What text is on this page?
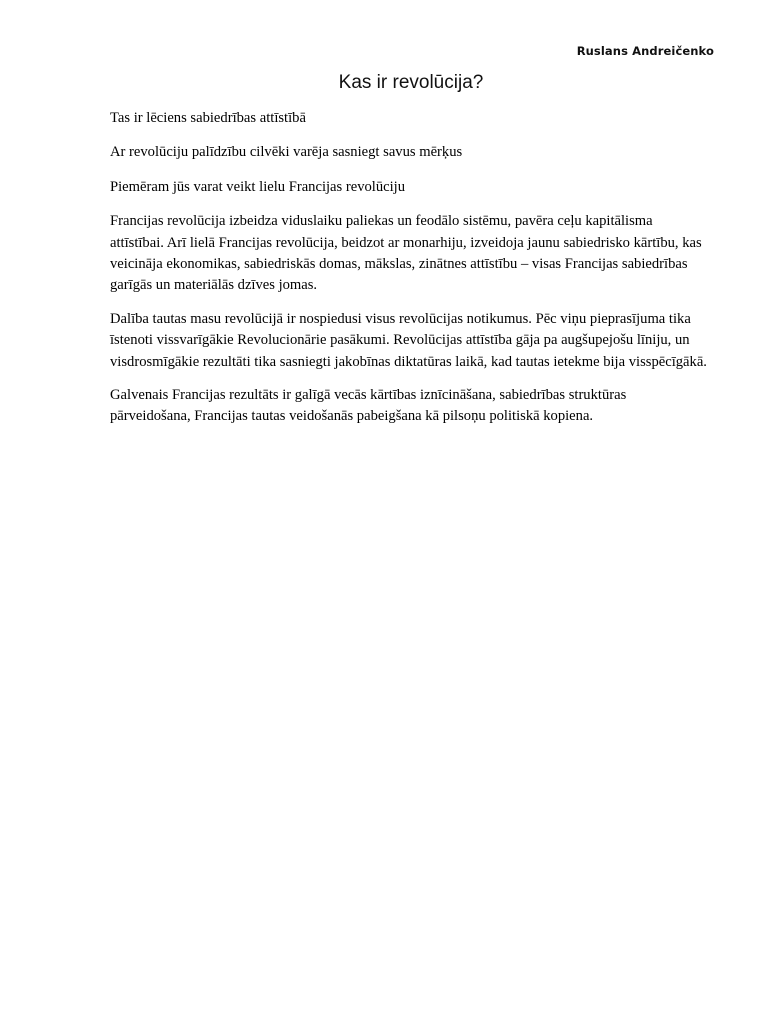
Ruslans Andreičenko
Kas ir revolūcija?

Tas ir lēciens sabiedrības attīstībā

Ar revolūciju palīdzību cilvēki varēja sasniegt savus mērķus

Piemēram jūs varat veikt lielu Francijas revolūciju

Francijas revolūcija izbeidza viduslaiku paliekas un feodālo sistēmu, pavēra ceļu kapitālisma attīstībai. Arī lielā Francijas revolūcija, beidzot ar monarhiju, izveidoja jaunu sabiedrisko kārtību, kas veicināja ekonomikas, sabiedriskās domas, mākslas, zinātnes attīstību – visas Francijas sabiedrības garīgās un materiālās dzīves jomas.

Dalība tautas masu revolūcijā ir nospiedusi visus revolūcijas notikumus. Pēc viņu pieprasījuma tika īstenoti vissvarīgākie Revolucionārie pasākumi. Revolūcijas attīstība gāja pa augšupejošu līniju, un visdrosmīgākie rezultāti tika sasniegti jakobīnas diktatūras laikā, kad tautas ietekme bija visspēcīgākā.

Galvenais Francijas rezultāts ir galīgā vecās kārtības iznīcināšana, sabiedrības struktūras pārveidošana, Francijas tautas veidošanās pabeigšana kā pilsoņu politiskā kopiena.
